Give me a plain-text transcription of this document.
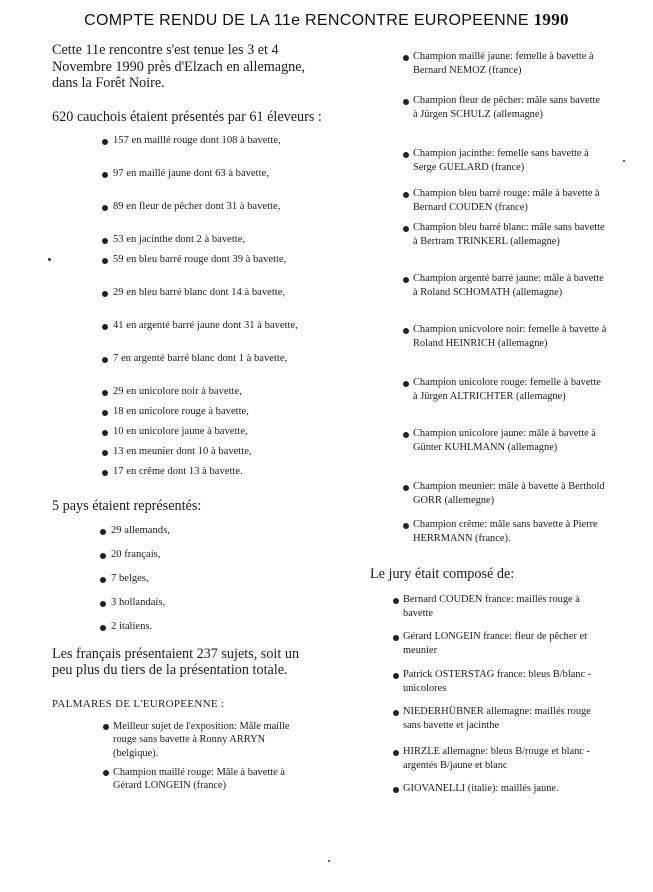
COMPTE RENDU DE LA 11e RENCONTRE EUROPEENNE 1990

Cette 11e rencontre s'est tenue les 3 et 4 Novembre 1990 près d'Elzach en allemagne, dans la Forêt Noire.

620 cauchois étaient présentés par 61 éleveurs :

157 en maillé rouge dont 108 à bavette,
97 en maillé jaune dont 63 à bavette,
89 en fleur de pêcher dont 31 à bavette,
53 en jacinthe dont 2 à bavette,
59 en bleu barré rouge dont 39 à bavette,
29 en bleu barré blanc dont 14 à bavette,
41 en argenté barré jaune dont 31 à bavette,
7 en argenté barré blanc dont 1 à bavette,
29 en unicolore noir à bavette,
18 en unicolore rouge à bavette,
10 en unicolore jaune à bavette,
13 en meunier dont 10 à bavette,
17 en crême dont 13 à bavette.

5 pays étaient représentés:

29 allemands,
20 français,
7 belges,
3 hollandais,
2 italiens.

Les français présentaient 237 sujets, soit un peu plus du tiers de la présentation totale.

PALMARES DE L'EUROPEENNE :

Meilleur sujet de l'exposition: Mâle maille rouge sans bavette à Ronny ARRYN (belgique).
Champion maillé rouge: Mâle à bavette à Gérard LONGEIN (france)
Champion maillé jaune: femelle à bavette à Bernard NEMOZ (france)
Champion fleur de pêcher: mâle sans bavette à Jürgen SCHULZ (allemagne)
Champion jacinthe: femelle sans bavette à Serge GUELARD (france)
Champion bleu barré rouge: mâle à bavette à Bernard COUDEN (france)
Champion bleu barré blanc: mâle sans bavette à Bertram TRINKERL (allemagne)
Champion argenté barré jaune: mâle à bavette à Roland SCHOMATH (allemagne)
Champion unicvolore noir: femelle à bavette à Roland HEINRICH (allemagne)
Champion unicolore rouge: femelle à bavette à Jürgen ALTRICHTER (allemagne)
Champion unicolore jaune: mâle à bavette à Günter KUHLMANN (allemagne)
Champion meunier: mâle à bavette à Berthold GORR (allemegne)
Champion crême: mâle sans bavette à Pierre HERRMANN (france).

Le jury était composé de:

Bernard COUDEN france: maillés rouge à bavette
Gérard LONGEIN france: fleur de pêcher et meunier
Patrick OSTERSTAG france: bleus B/blanc - unicolores
NIEDERHÜBNER allemagne: maillés rouge sans bavette et jacinthe
HIRZLE allemagne: bleus B/rouge et blanc - argentés B/jaune et blanc
GIOVANELLI (italie): maillés jaune.
